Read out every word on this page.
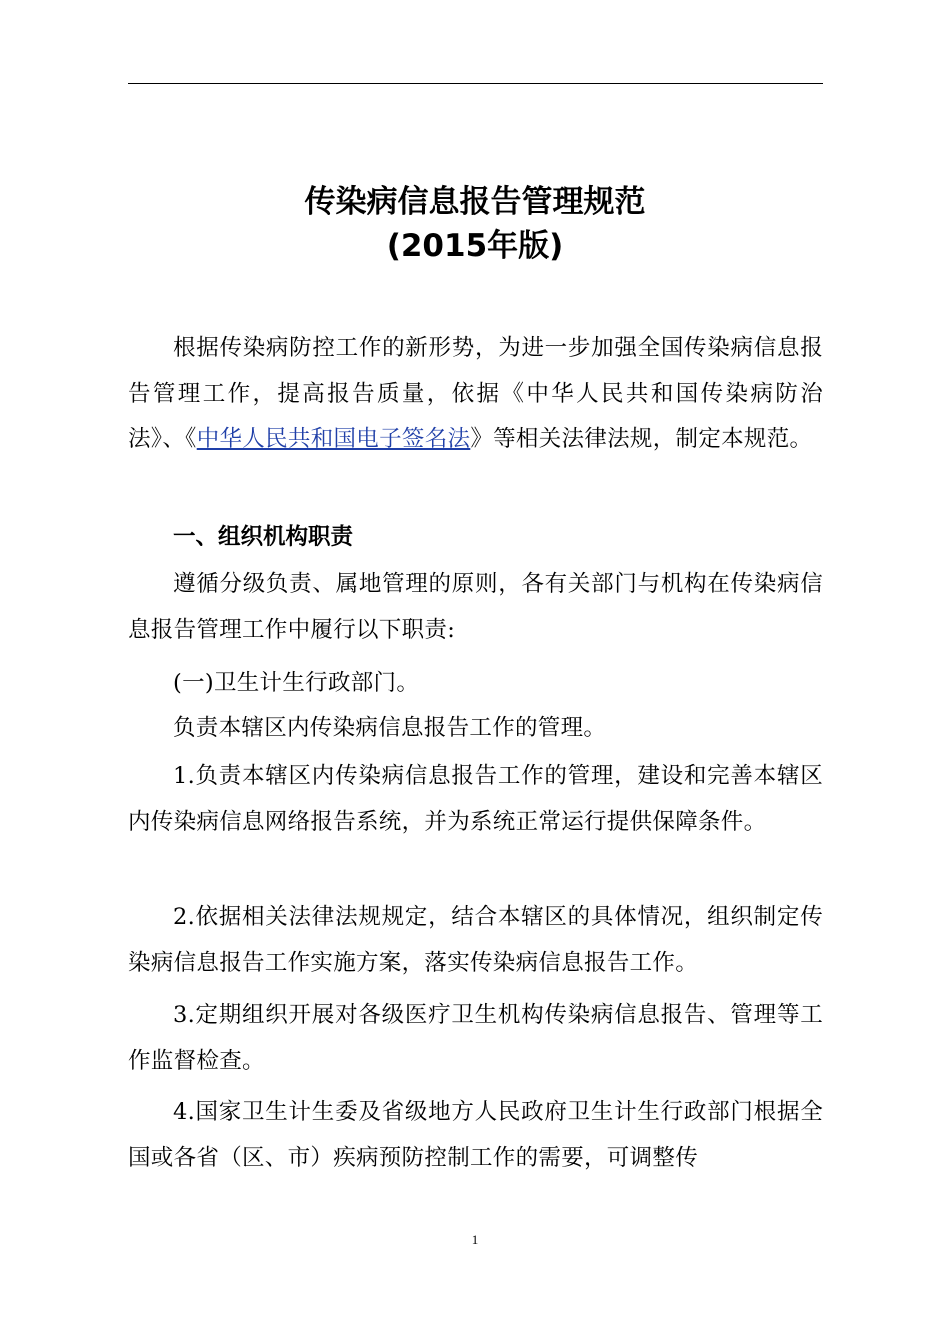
传染病信息报告管理规范
(2015年版)

根据传染病防控工作的新形势，为进一步加强全国传染病信息报告管理工作，提高报告质量，依据《中华人民共和国传染病防治法》、《中华人民共和国电子签名法》等相关法律法规，制定本规范。

一、组织机构职责

遵循分级负责、属地管理的原则，各有关部门与机构在传染病信息报告管理工作中履行以下职责:

(一)卫生计生行政部门。

负责本辖区内传染病信息报告工作的管理。

1.负责本辖区内传染病信息报告工作的管理，建设和完善本辖区内传染病信息网络报告系统，并为系统正常运行提供保障条件。

2.依据相关法律法规规定，结合本辖区的具体情况，组织制定传染病信息报告工作实施方案，落实传染病信息报告工作。

3.定期组织开展对各级医疗卫生机构传染病信息报告、管理等工作监督检查。

4.国家卫生计生委及省级地方人民政府卫生计生行政部门根据全国或各省（区、市）疾病预防控制工作的需要，可调整传

1
